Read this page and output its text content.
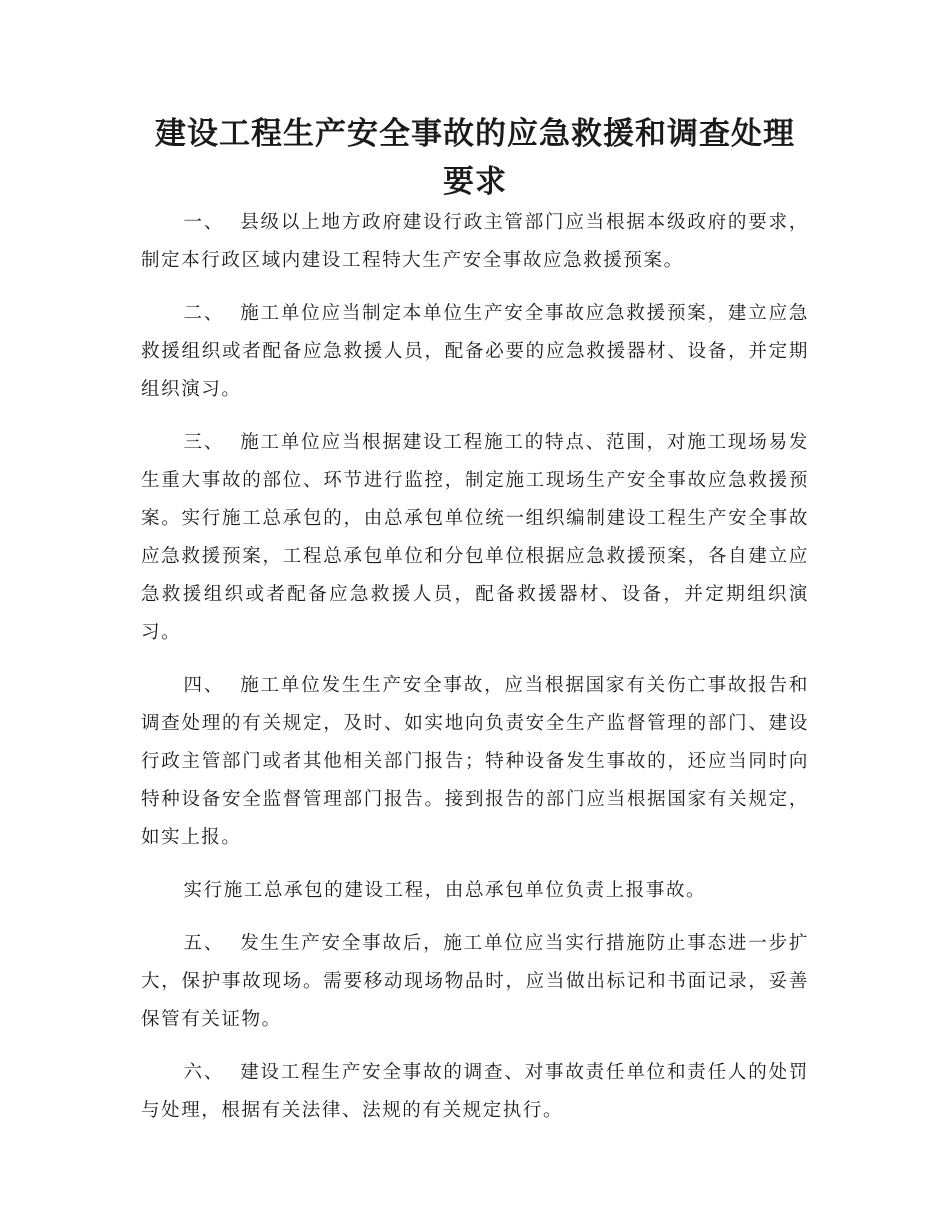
建设工程生产安全事故的应急救援和调查处理要求

一、 县级以上地方政府建设行政主管部门应当根据本级政府的要求，制定本行政区域内建设工程特大生产安全事故应急救援预案。

二、 施工单位应当制定本单位生产安全事故应急救援预案，建立应急救援组织或者配备应急救援人员，配备必要的应急救援器材、设备，并定期组织演习。

三、 施工单位应当根据建设工程施工的特点、范围，对施工现场易发生重大事故的部位、环节进行监控，制定施工现场生产安全事故应急救援预案。实行施工总承包的，由总承包单位统一组织编制建设工程生产安全事故应急救援预案，工程总承包单位和分包单位根据应急救援预案，各自建立应急救援组织或者配备应急救援人员，配备救援器材、设备，并定期组织演习。

四、 施工单位发生生产安全事故，应当根据国家有关伤亡事故报告和调查处理的有关规定，及时、如实地向负责安全生产监督管理的部门、建设行政主管部门或者其他相关部门报告；特种设备发生事故的，还应当同时向特种设备安全监督管理部门报告。接到报告的部门应当根据国家有关规定，如实上报。

实行施工总承包的建设工程，由总承包单位负责上报事故。

五、 发生生产安全事故后，施工单位应当实行措施防止事态进一步扩大，保护事故现场。需要移动现场物品时，应当做出标记和书面记录，妥善保管有关证物。

六、 建设工程生产安全事故的调查、对事故责任单位和责任人的处罚与处理，根据有关法律、法规的有关规定执行。
